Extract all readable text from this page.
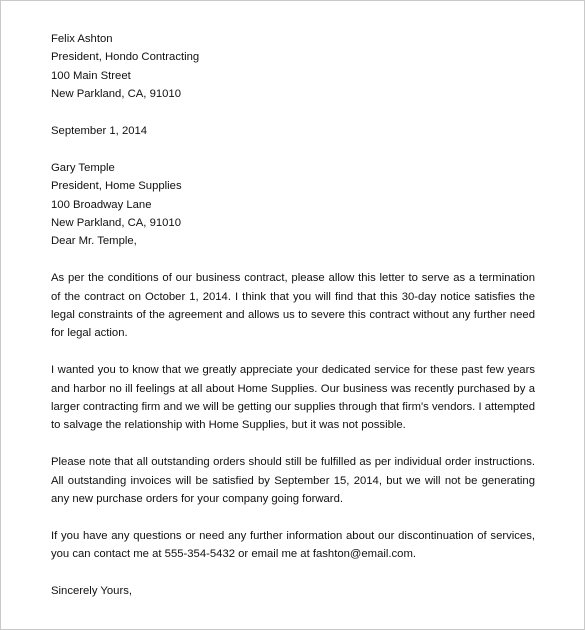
Felix Ashton
President, Hondo Contracting
100 Main Street
New Parkland, CA, 91010
September 1, 2014
Gary Temple
President, Home Supplies
100 Broadway Lane
New Parkland, CA, 91010
Dear Mr. Temple,

As per the conditions of our business contract, please allow this letter to serve as a termination of the contract on October 1, 2014. I think that you will find that this 30-day notice satisfies the legal constraints of the agreement and allows us to severe this contract without any further need for legal action.

I wanted you to know that we greatly appreciate your dedicated service for these past few years and harbor no ill feelings at all about Home Supplies. Our business was recently purchased by a larger contracting firm and we will be getting our supplies through that firm's vendors. I attempted to salvage the relationship with Home Supplies, but it was not possible.

Please note that all outstanding orders should still be fulfilled as per individual order instructions. All outstanding invoices will be satisfied by September 15, 2014, but we will not be generating any new purchase orders for your company going forward.

If you have any questions or need any further information about our discontinuation of services, you can contact me at 555-354-5432 or email me at fashton@email.com.

Sincerely Yours,
